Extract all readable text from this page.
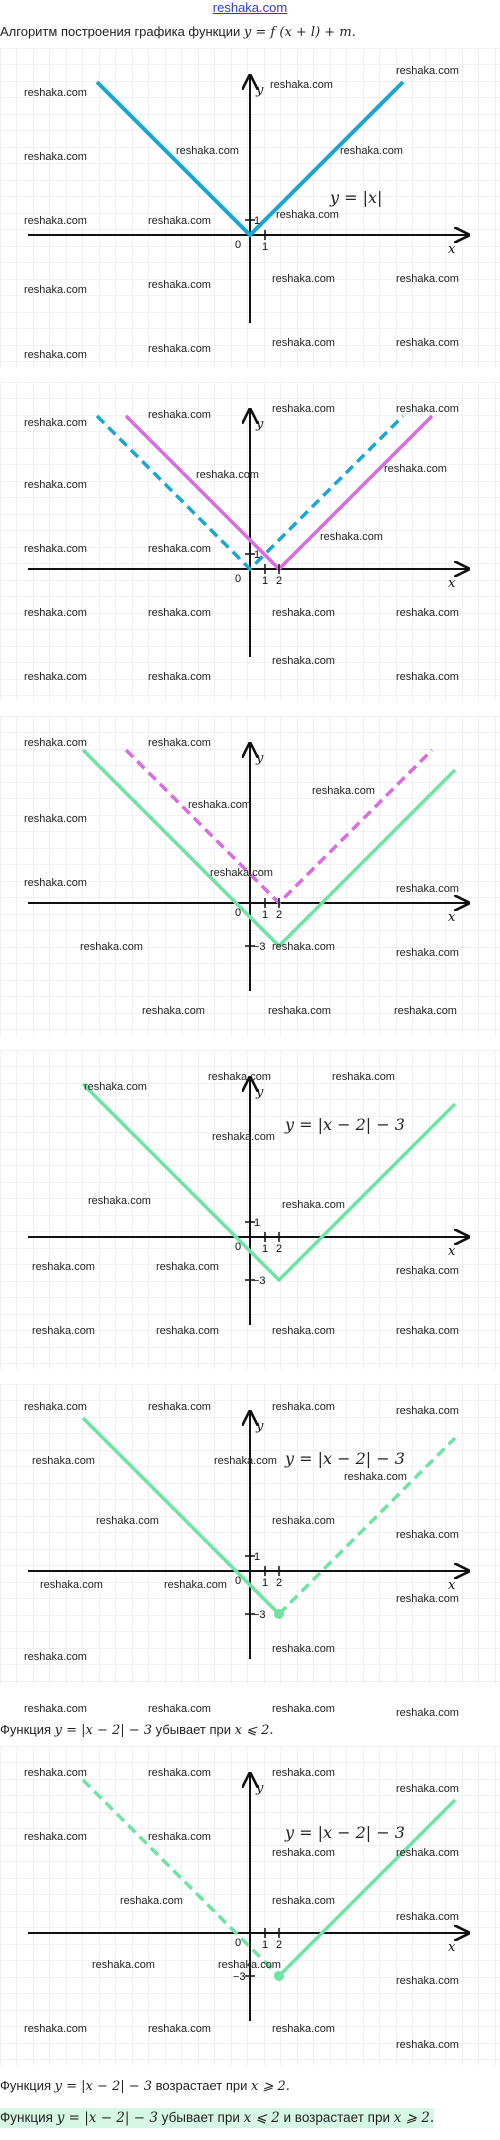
reshaka.com
Алгоритм построения графика функции y = f (x + l) + m.
x
y
0 1
1
y = |x|
reshaka.com
reshaka.com
reshaka.com
reshaka.com	reshaka.com	reshaka.com
reshaka.com	reshaka.com	reshaka.com
reshaka.com	reshaka.com	reshaka.com	reshaka.com
reshaka.com	reshaka.com	reshaka.com	reshaka.com
x
y
0 1 2
1
reshaka.com	reshaka.com	reshaka.com
reshaka.com
reshaka.com	reshaka.com
reshaka.com
reshaka.com
reshaka.com	reshaka.com
reshaka.com	reshaka.com	reshaka.com	reshaka.com
reshaka.com	reshaka.com
reshaka.com
reshaka.com
x
y
0 1 2
−3
reshaka.com	reshaka.com
reshaka.com
reshaka.com
reshaka.com
reshaka.com
reshaka.com	reshaka.com
reshaka.com
reshaka.com	reshaka.com
reshaka.com	reshaka.com	reshaka.com
x
y
0 1 2
1
−3
y = |x − 2| − 3
reshaka.com
reshaka.com	reshaka.com
reshaka.com
reshaka.com	reshaka.com
reshaka.com	reshaka.com	reshaka.com
reshaka.com	reshaka.com	reshaka.com	reshaka.com
x
y
0 1 2
1
−3
y = |x − 2| − 3
reshaka.com	reshaka.com	reshaka.com	reshaka.com
reshaka.com	reshaka.com
reshaka.com
reshaka.com	reshaka.com
reshaka.com
reshaka.com	reshaka.com
reshaka.com
reshaka.com
reshaka.com
reshaka.com	reshaka.com	reshaka.com	reshaka.com
Функция y = |x − 2| − 3 убывает при x ⩽ 2.
x
y
0 1 2
−3
y = |x − 2| − 3
reshaka.com	reshaka.com	reshaka.com
reshaka.com
reshaka.com	reshaka.com
reshaka.com	reshaka.com
reshaka.com	reshaka.com
reshaka.com
reshaka.com	reshaka.com
reshaka.com
reshaka.com	reshaka.com	reshaka.com
reshaka.com
Функция y = |x − 2| − 3 возрастает при x ⩾ 2.
Функция y = |x − 2| − 3 убывает при x ⩽ 2 и возрастает при x ⩾ 2.
